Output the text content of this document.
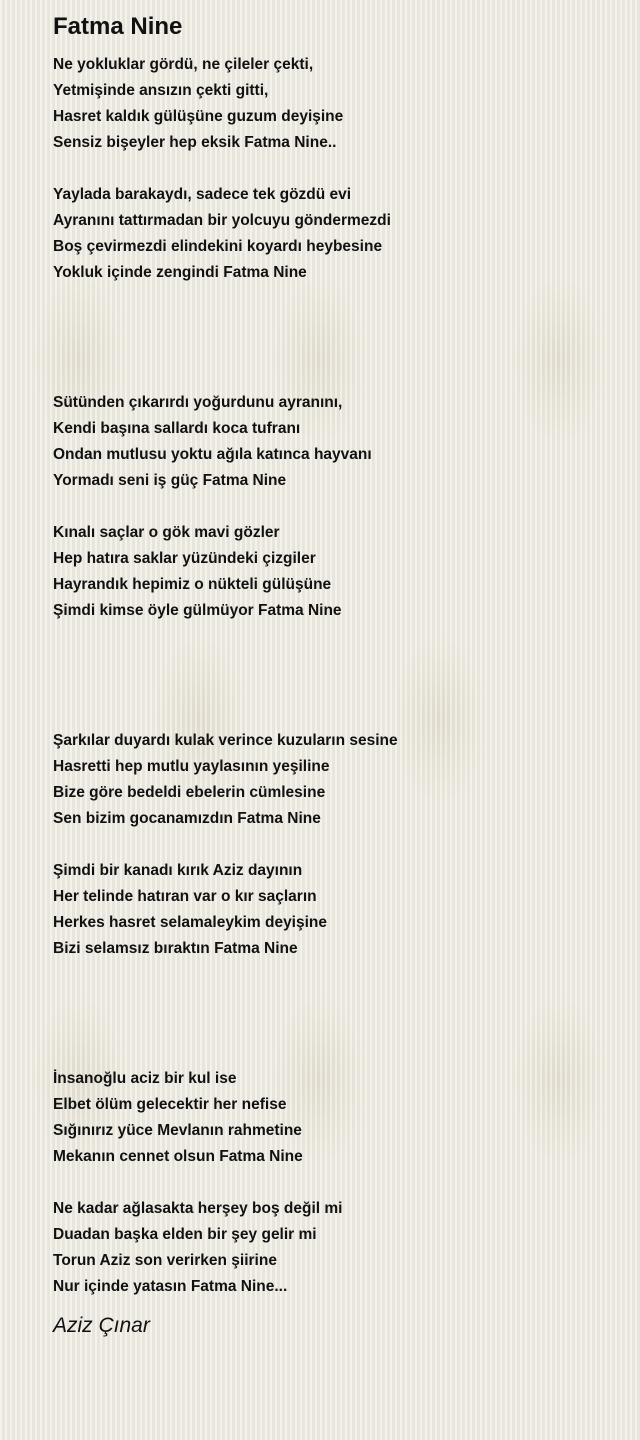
Fatma Nine
Ne yokluklar gördü, ne çileler çekti,
Yetmişinde ansızın çekti gitti,
Hasret kaldık gülüşüne guzum deyişine
Sensiz bişeyler hep eksik Fatma Nine..
Yaylada barakaydı, sadece tek gözdü evi
Ayranını tattırmadan bir yolcuyu göndermezdi
Boş çevirmezdi elindekini koyardı heybesine
Yokluk içinde zengindi Fatma Nine
Sütünden çıkarırdı yoğurdunu ayranını,
Kendi başına sallardı koca tufranı
Ondan mutlusu yoktu ağıla katınca hayvanı
Yormadı seni iş güç Fatma Nine
Kınalı saçlar o gök mavi gözler
Hep hatıra saklar yüzündeki çizgiler
Hayrandık hepimiz o nükteli gülüşüne
Şimdi kimse öyle gülmüyor Fatma Nine
Şarkılar duyardı kulak verince kuzuların sesine
Hasretti hep mutlu yaylasının yeşiline
Bize göre bedeldi ebelerin cümlesine
Sen bizim gocanamızdın Fatma Nine
Şimdi bir kanadı kırık Aziz dayının
Her telinde hatıran var o kır saçların
Herkes hasret selamaleykim deyişine
Bizi selamsız bıraktın Fatma Nine
İnsanoğlu aciz bir kul ise
Elbet ölüm gelecektir her nefise
Sığınırız yüce Mevlanın rahmetine
Mekanın cennet olsun Fatma Nine
Ne kadar ağlasakta herşey boş değil mi
Duadan başka elden bir şey gelir mi
Torun Aziz son verirken şiirine
Nur içinde yatasın Fatma Nine...
Aziz Çınar
